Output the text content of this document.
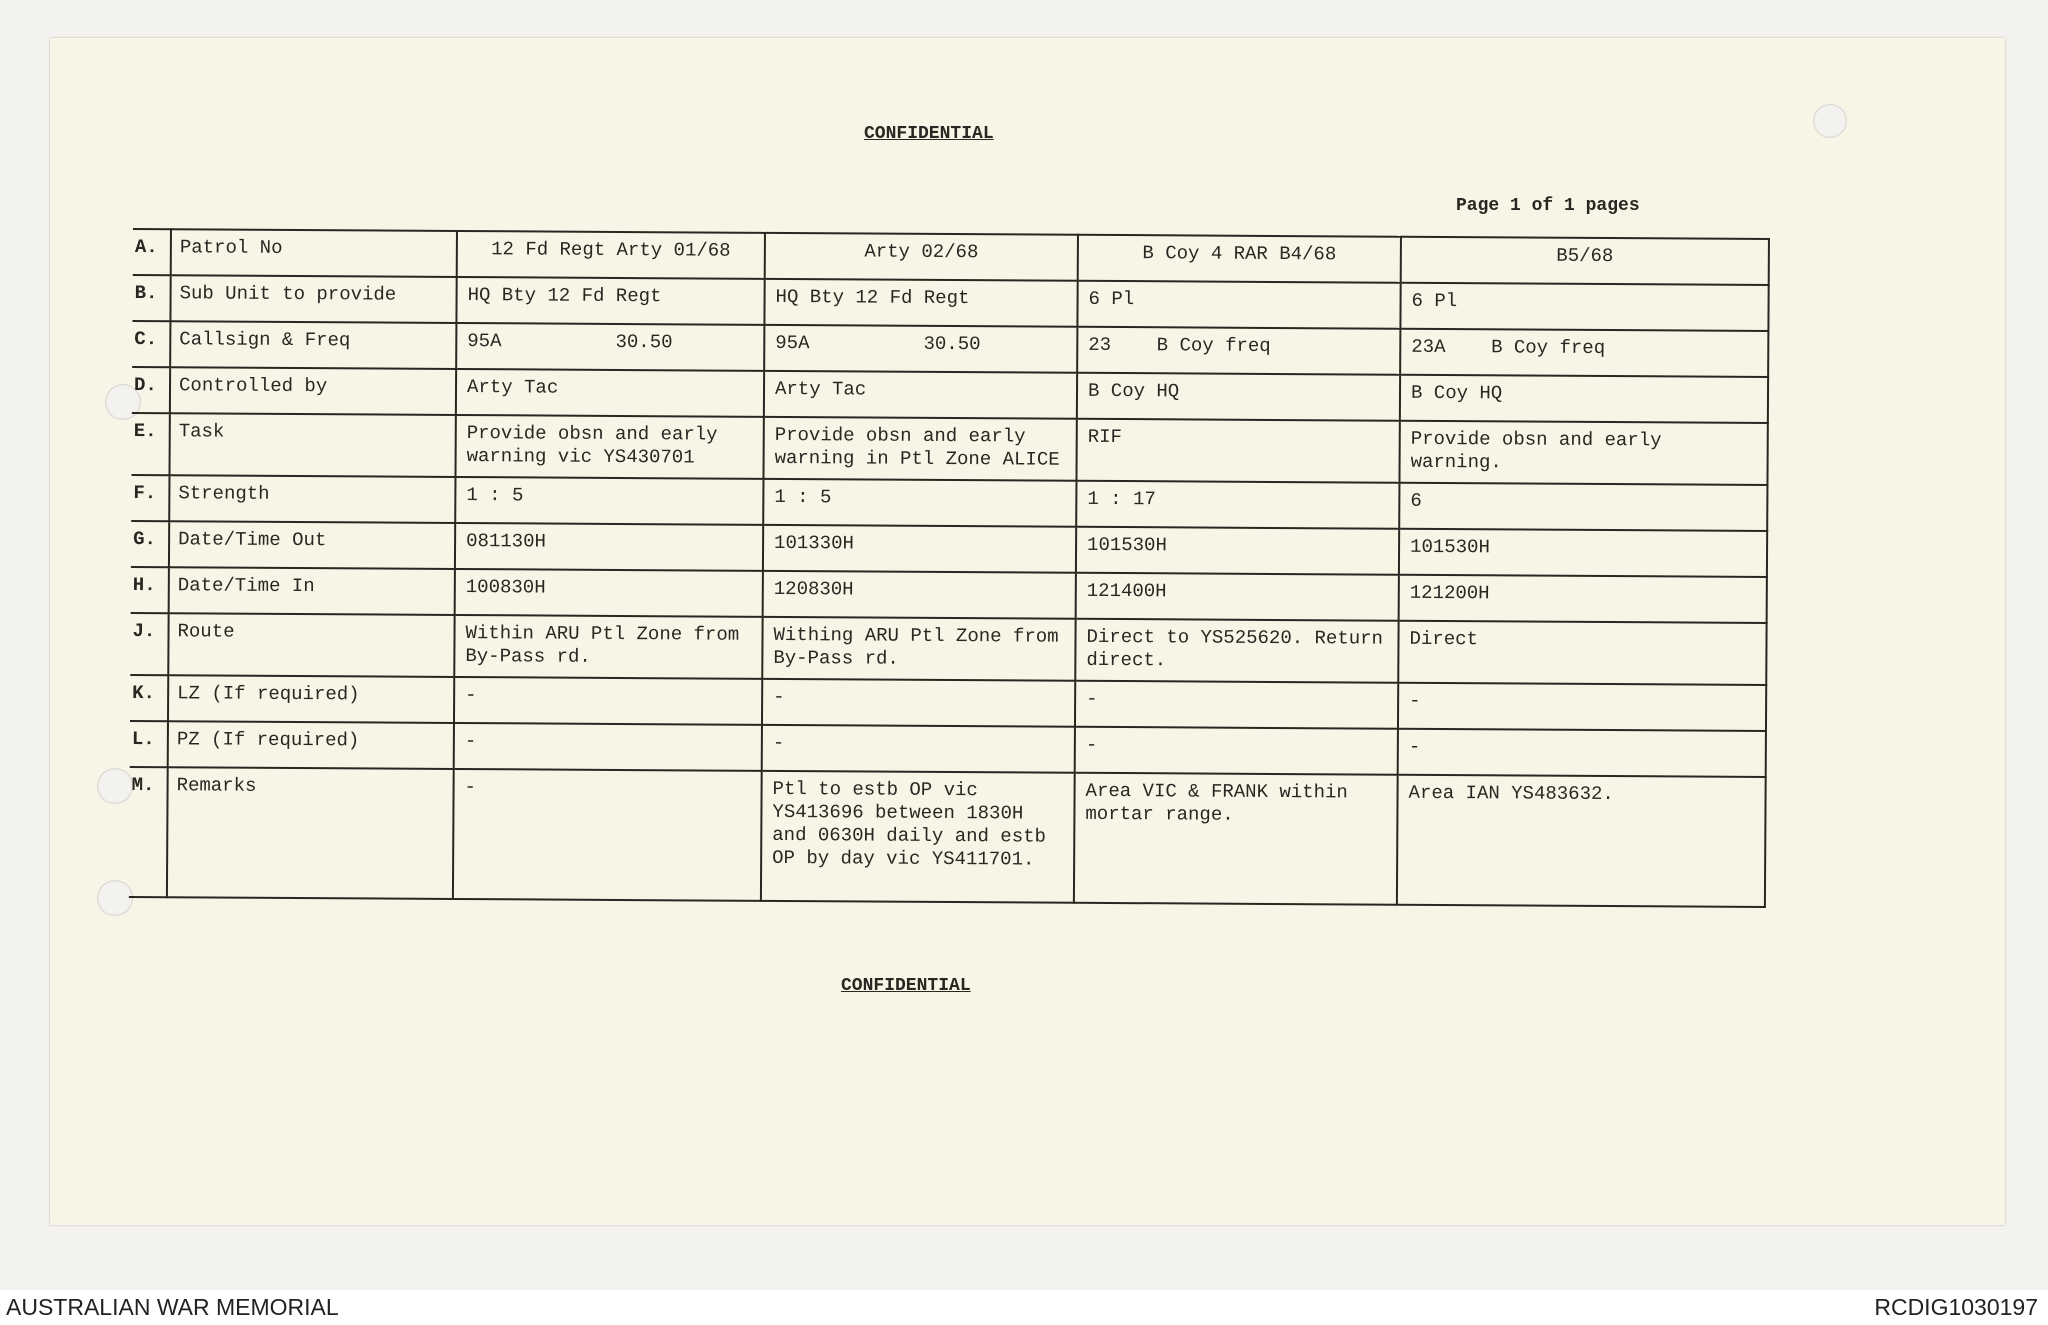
CONFIDENTIAL
Page 1 of 1 pages
CONFIDENTIAL
A.	Patrol No	12 Fd Regt Arty 01/68	Arty 02/68	B Coy 4 RAR B4/68	B5/68
B.	Sub Unit to provide	HQ Bty 12 Fd Regt	HQ Bty 12 Fd Regt	6 Pl	6 Pl
C.	Callsign & Freq	95A          30.50	95A          30.50	23    B Coy freq	23A    B Coy freq
D.	Controlled by	Arty Tac	Arty Tac	B Coy HQ	B Coy HQ
E.	Task	Provide obsn and early warning vic YS430701	Provide obsn and early warning in Ptl Zone ALICE	RIF	Provide obsn and early warning.
F.	Strength	1 : 5	1 : 5	1 : 17	6
G.	Date/Time Out	081130H	101330H	101530H	101530H
H.	Date/Time In	100830H	120830H	121400H	121200H
J.	Route	Within ARU Ptl Zone from By-Pass rd.	Withing ARU Ptl Zone from By-Pass rd.	Direct to YS525620. Return direct.	Direct
K.	LZ (If required)	-	-	-	-
L.	PZ (If required)	-	-	-	-
M.	Remarks	-	Ptl to estb OP vic YS413696 between 1830H and 0630H daily and estb OP by day vic YS411701.	Area VIC & FRANK within mortar range.	Area IAN YS483632.
AUSTRALIAN WAR MEMORIAL	RCDIG1030197
